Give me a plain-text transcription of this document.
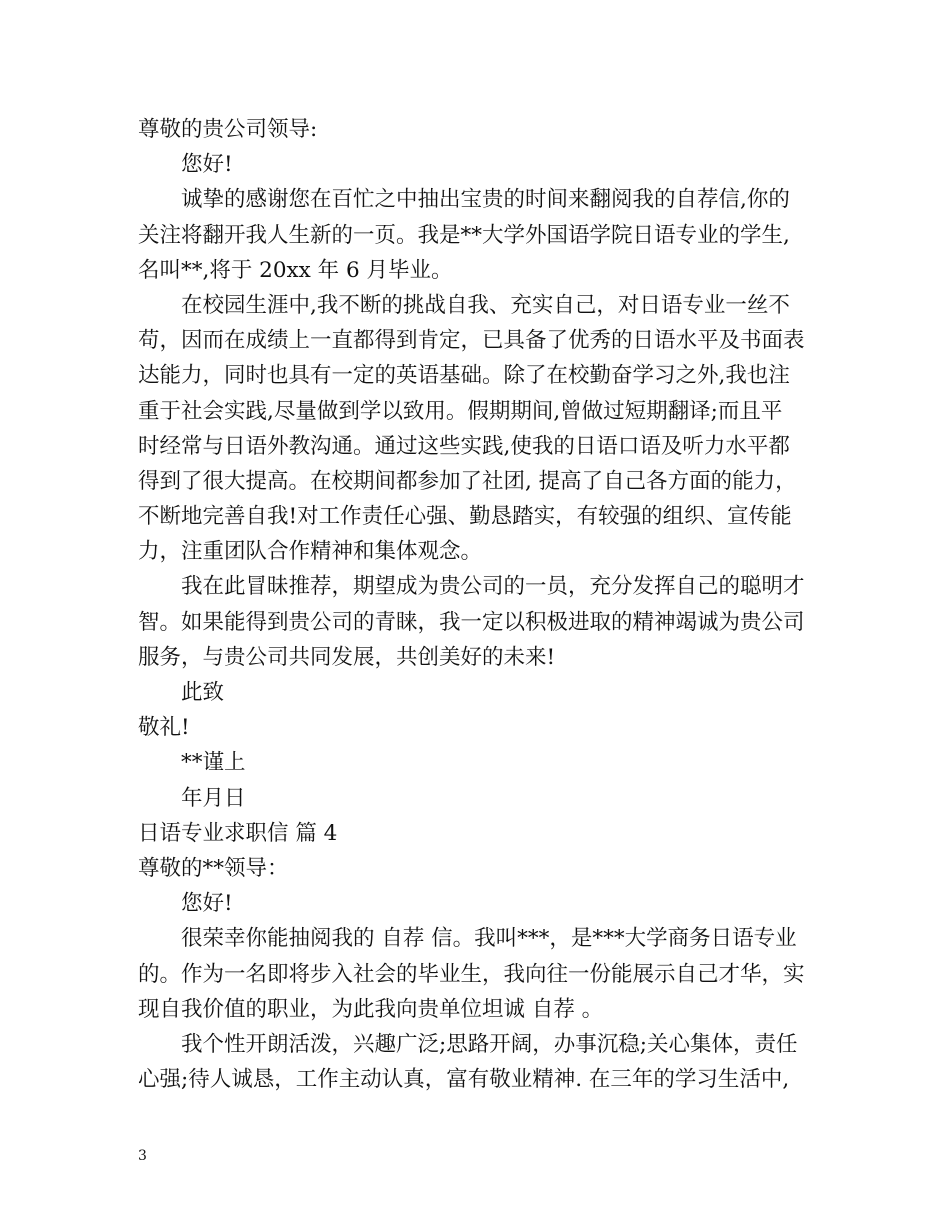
尊敬的贵公司领导:
您好!
诚挚的感谢您在百忙之中抽出宝贵的时间来翻阅我的自荐信,你的
关注将翻开我人生新的一页。我是**大学外国语学院日语专业的学生,
名叫**,将于 20xx 年 6 月毕业。
在校园生涯中,我不断的挑战自我、充实自己，对日语专业一丝不
苟，因而在成绩上一直都得到肯定，已具备了优秀的日语水平及书面表
达能力，同时也具有一定的英语基础。除了在校勤奋学习之外,我也注
重于社会实践,尽量做到学以致用。假期期间,曾做过短期翻译;而且平
时经常与日语外教沟通。通过这些实践,使我的日语口语及听力水平都
得到了很大提高。在校期间都参加了社团, 提高了自己各方面的能力，
不断地完善自我!对工作责任心强、勤恳踏实，有较强的组织、宣传能
力，注重团队合作精神和集体观念。
我在此冒昧推荐，期望成为贵公司的一员，充分发挥自己的聪明才
智。如果能得到贵公司的青睐，我一定以积极进取的精神竭诚为贵公司
服务，与贵公司共同发展，共创美好的未来!
此致
敬礼!
**谨上
年月日
日语专业求职信 篇 4
尊敬的**领导：
您好!
很荣幸你能抽阅我的 自荐 信。我叫***，是***大学商务日语专业
的。作为一名即将步入社会的毕业生，我向往一份能展示自己才华，实
现自我价值的职业，为此我向贵单位坦诚 自荐 。
我个性开朗活泼，兴趣广泛;思路开阔，办事沉稳;关心集体，责任
心强;待人诚恳，工作主动认真，富有敬业精神. 在三年的学习生活中,
3
